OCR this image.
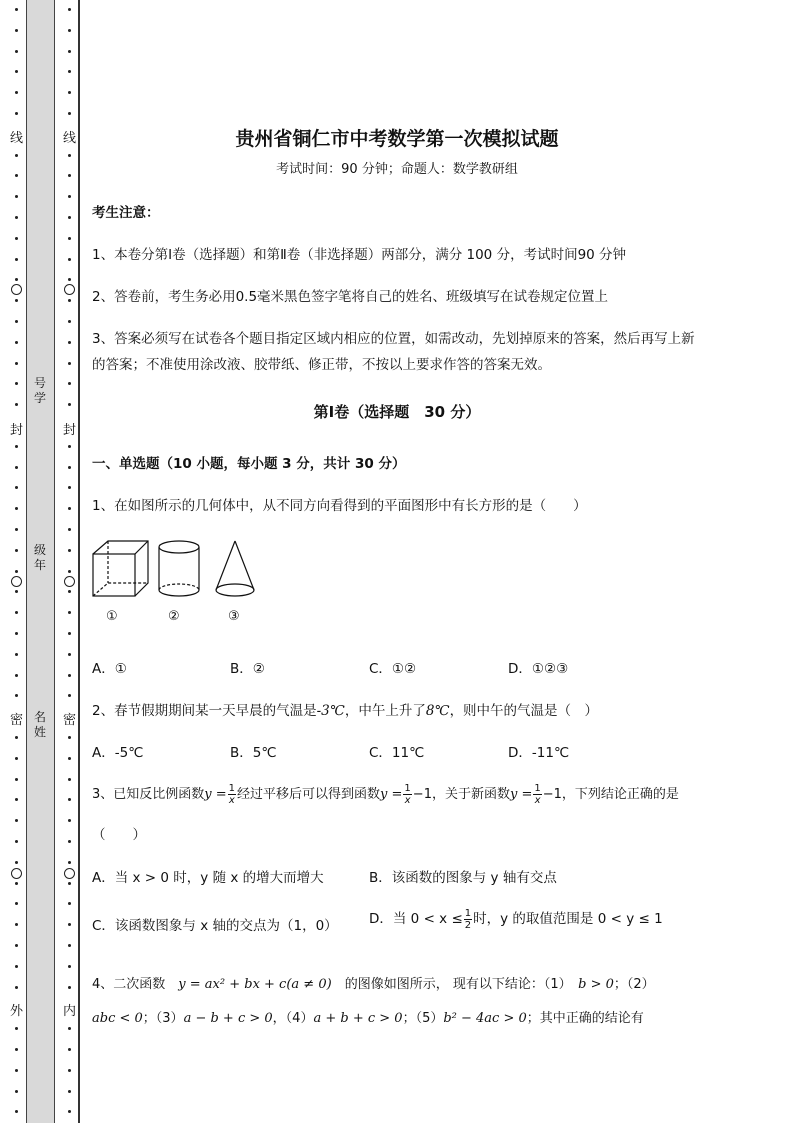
线
封
密
外
线
封
密
内
号学
级年
名姓
贵州省铜仁市中考数学第一次模拟试题
考试时间：90 分钟；命题人：数学教研组
考生注意：
1、本卷分第Ⅰ卷（选择题）和第Ⅱ卷（非选择题）两部分，满分 100 分，考试时间90 分钟
2、答卷前，考生务必用0.5毫米黑色签字笔将自己的姓名、班级填写在试卷规定位置上
3、答案必须写在试卷各个题目指定区域内相应的位置，如需改动，先划掉原来的答案，然后再写上新
的答案；不准使用涂改液、胶带纸、修正带，不按以上要求作答的答案无效。
第Ⅰ卷（选择题　30 分）
一、单选题（10 小题，每小题 3 分，共计 30 分）
1、在如图所示的几何体中，从不同方向看得到的平面图形中有长方形的是（　　）
①	②	③
A．①	B．②	C．①②	D．①②③
2、春节假期期间某一天早晨的气温是-3℃，中午上升了8℃，则中午的气温是（　）
A．-5℃	B．5℃	C．11℃	D．-11℃
3、已知反比例函数$y = \frac{1}{x}$ 经过平移后可以得到函数$y = \frac{1}{x} -1$，关于新函数$y = \frac{1}{x} -1$，下列结论正确的是
（　　）
A．当 x > 0 时，y 随 x 的增大而增大	B．该函数的图象与 y 轴有交点
C．该函数图象与 x 轴的交点为（1，0） D．当 $0 < x \le \frac{1}{2}$ 时，y 的取值范围是 0 < y ≤ 1
4、二次函数　 y = ax² + bx + c(a ≠ 0)　 的图像如图所示， 现有以下结论：（1）　 b > 0；（2）
abc < 0；（3）a − b + c > 0，（4）a + b + c > 0；（5）b² − 4ac > 0；其中正确的结论有
